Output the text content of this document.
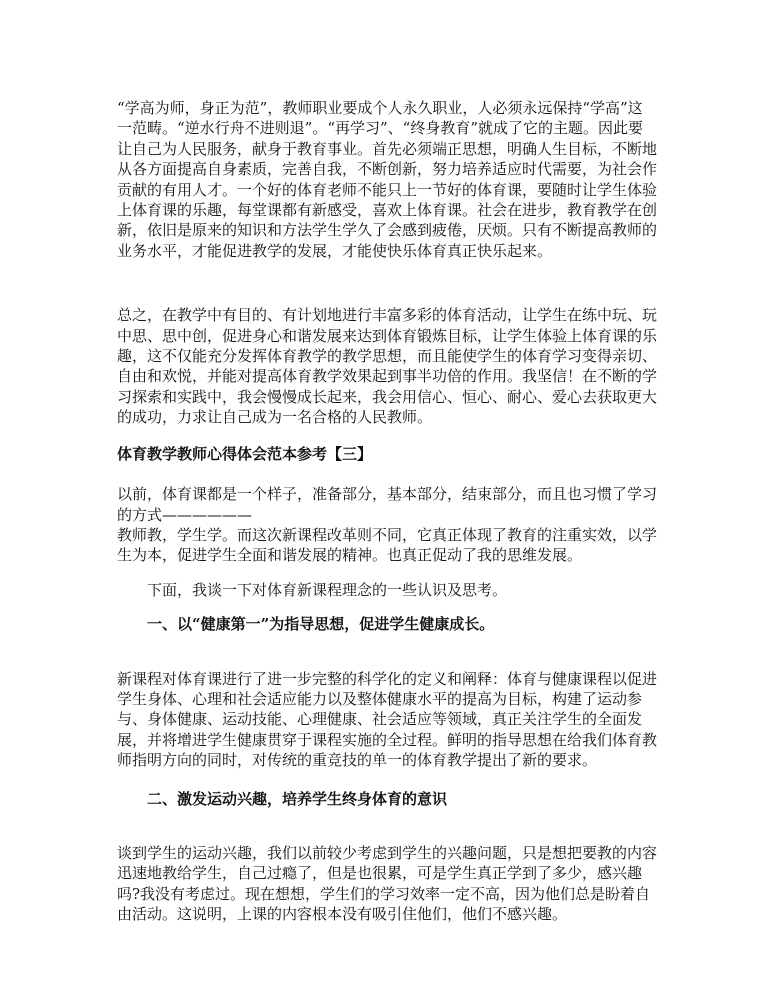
“学高为师，身正为范”，教师职业要成个人永久职业，人必须永远保持“学高”这一范畴。“逆水行舟不进则退”。“再学习”、“终身教育”就成了它的主题。因此要让自己为人民服务，献身于教育事业。首先必须端正思想，明确人生目标，不断地从各方面提高自身素质，完善自我，不断创新，努力培养适应时代需要，为社会作贡献的有用人才。一个好的体育老师不能只上一节好的体育课，要随时让学生体验上体育课的乐趣，每堂课都有新感受，喜欢上体育课。社会在进步，教育教学在创新，依旧是原来的知识和方法学生学久了会感到疲倦，厌烦。只有不断提高教师的业务水平，才能促进教学的发展，才能使快乐体育真正快乐起来。

总之，在教学中有目的、有计划地进行丰富多彩的体育活动，让学生在练中玩、玩中思、思中创，促进身心和谐发展来达到体育锻炼目标，让学生体验上体育课的乐趣，这不仅能充分发挥体育教学的教学思想，而且能使学生的体育学习变得亲切、自由和欢悦，并能对提高体育教学效果起到事半功倍的作用。我坚信！在不断的学习探索和实践中，我会慢慢成长起来，我会用信心、恒心、耐心、爱心去获取更大的成功，力求让自己成为一名合格的人民教师。

体育教学教师心得体会范本参考【三】

以前，体育课都是一个样子，准备部分，基本部分，结束部分，而且也习惯了学习的方式——————

教师教，学生学。而这次新课程改革则不同，它真正体现了教育的注重实效，以学生为本，促进学生全面和谐发展的精神。也真正促动了我的思维发展。

下面，我谈一下对体育新课程理念的一些认识及思考。

一、以“健康第一”为指导思想，促进学生健康成长。

新课程对体育课进行了进一步完整的科学化的定义和阐释：体育与健康课程以促进学生身体、心理和社会适应能力以及整体健康水平的提高为目标，构建了运动参与、身体健康、运动技能、心理健康、社会适应等领域，真正关注学生的全面发展，并将增进学生健康贯穿于课程实施的全过程。鲜明的指导思想在给我们体育教师指明方向的同时，对传统的重竞技的单一的体育教学提出了新的要求。

二、激发运动兴趣，培养学生终身体育的意识

谈到学生的运动兴趣，我们以前较少考虑到学生的兴趣问题，只是想把要教的内容迅速地教给学生，自己过瘾了，但是也很累，可是学生真正学到了多少，感兴趣吗?我没有考虑过。现在想想，学生们的学习效率一定不高，因为他们总是盼着自由活动。这说明，上课的内容根本没有吸引住他们，他们不感兴趣。
